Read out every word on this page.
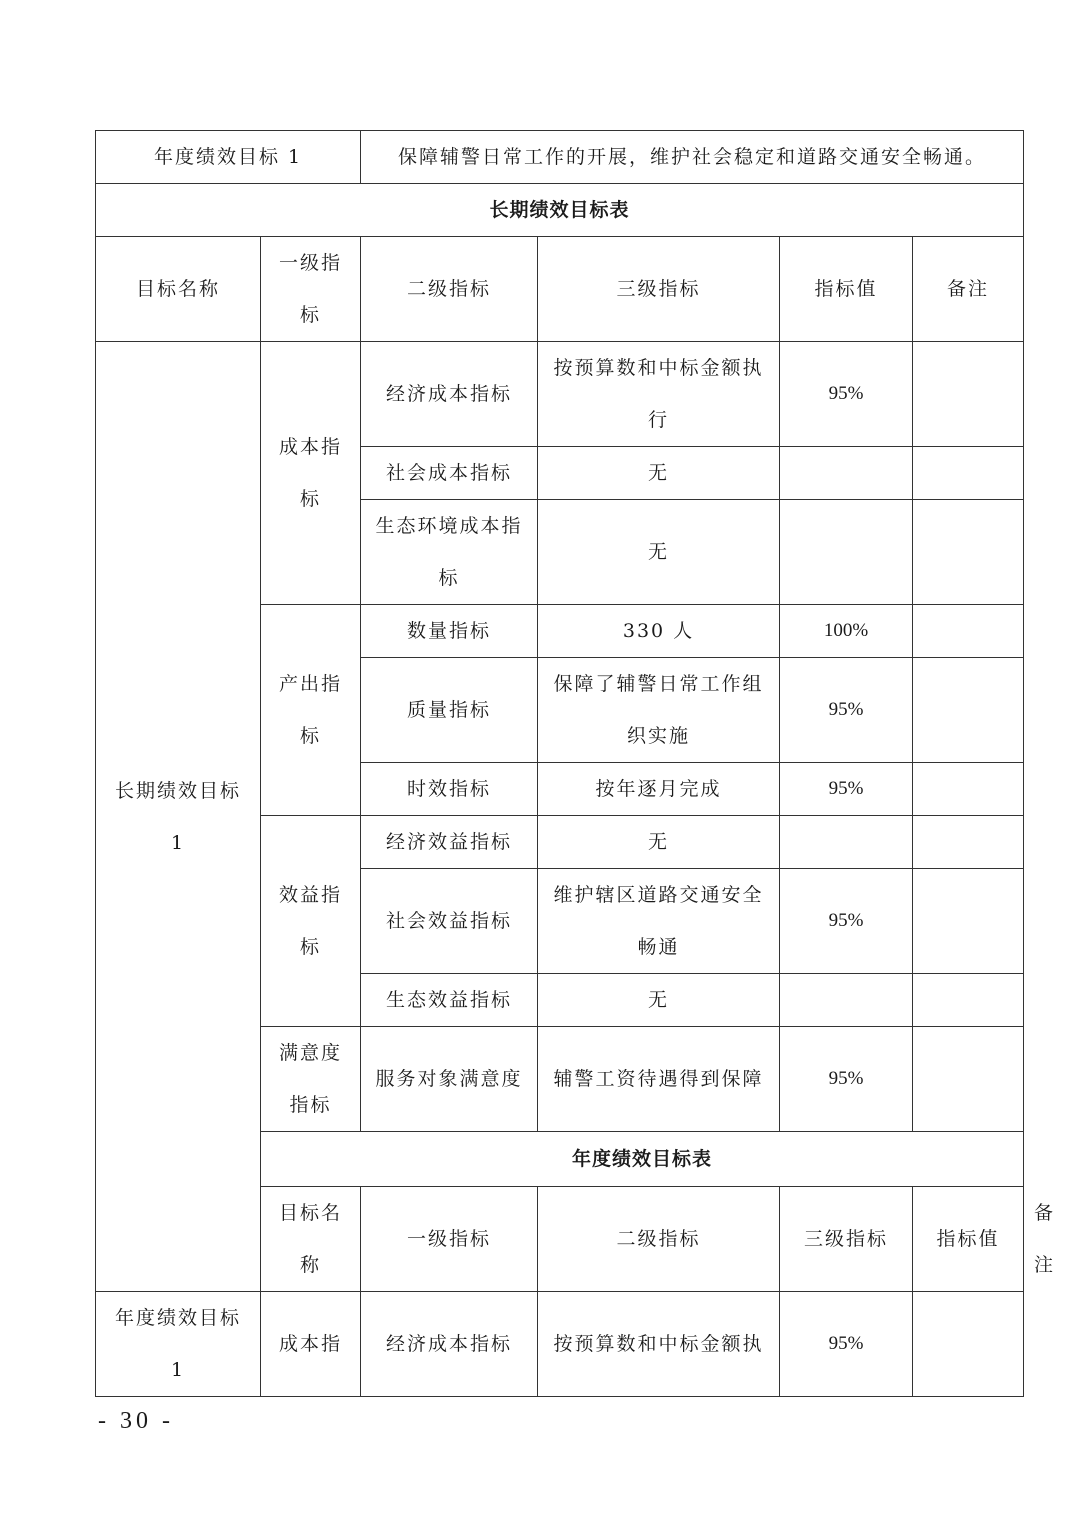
年度绩效目标 1		保障辅警日常工作的开展，维护社会稳定和道路交通安全畅通。				
长期绩效目标表						
目标名称	一级指标	二级指标	三级指标	指标值	备注	
长期绩效目标 1	成本指标	经济成本指标	按预算数和中标金额执行	95%		
		社会成本指标	无			
		生态环境成本指标	无			
	产出指标	数量指标	330 人	100%		
		质量指标	保障了辅警日常工作组织实施	95%		
		时效指标	按年逐月完成	95%		
	效益指标	经济效益指标	无			
		社会效益指标	维护辖区道路交通安全畅通	95%		
		生态效益指标	无			
	满意度指标	服务对象满意度	辅警工资待遇得到保障	95%		
	年度绩效目标表					
	目标名称	一级指标	二级指标	三级指标	指标值	备注
年度绩效目标 1	成本指	经济成本指标	按预算数和中标金额执	95%		
- 30 -
